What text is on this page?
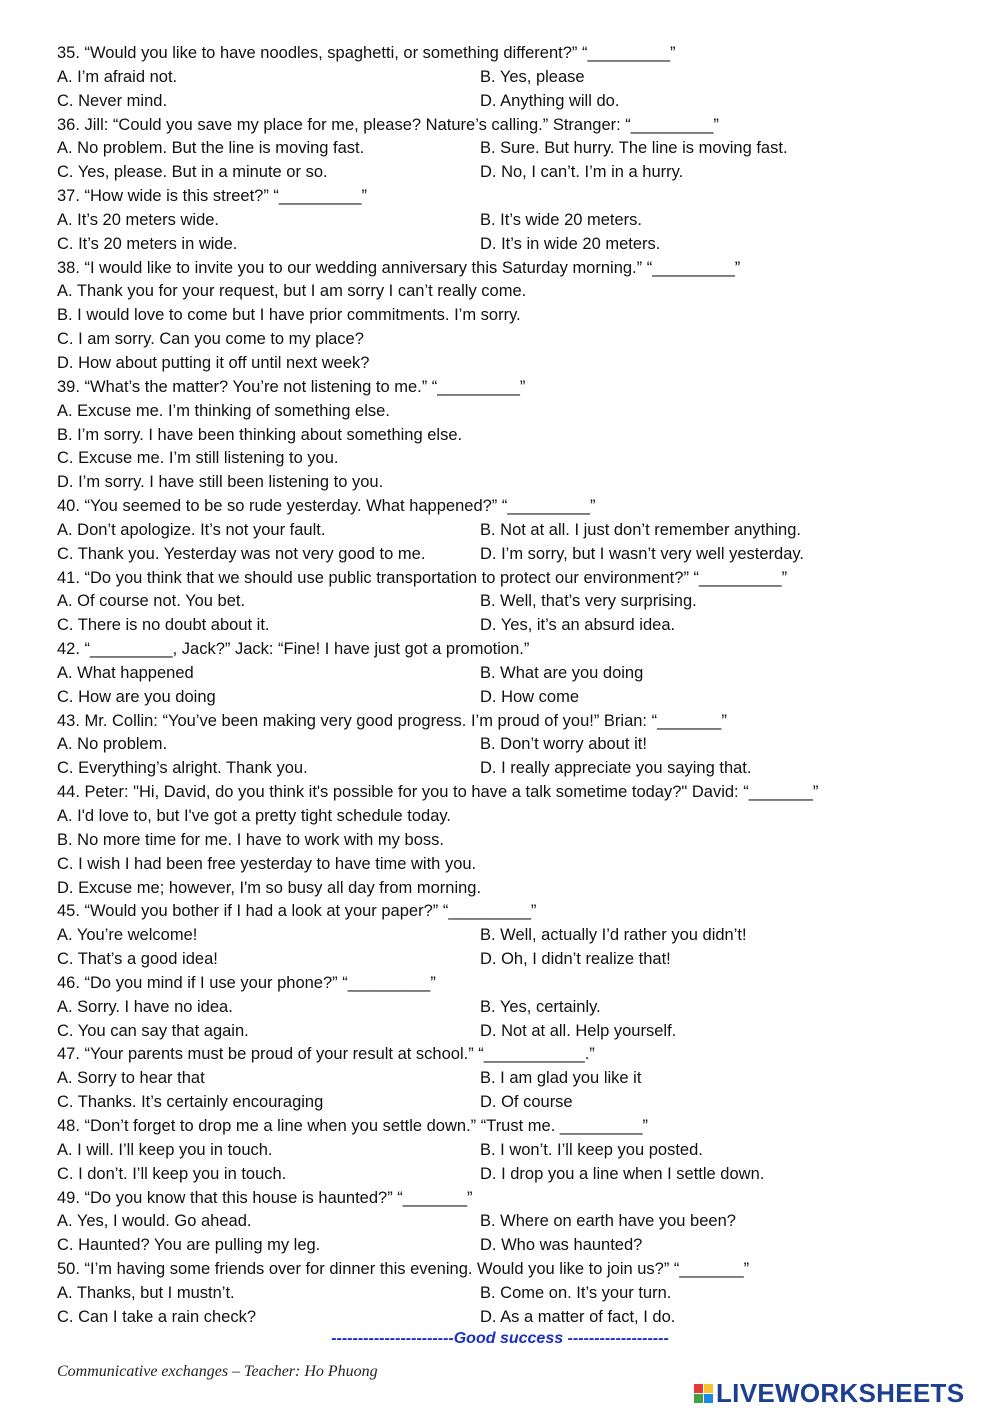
35. “Would you like to have noodles, spaghetti, or something different?” “_________”
A. I’m afraid not.	B. Yes, please
C. Never mind.	D. Anything will do.
36. Jill: “Could you save my place for me, please? Nature’s calling.” Stranger: “_________”
A. No problem. But the line is moving fast.	B. Sure. But hurry. The line is moving fast.
C. Yes, please. But in a minute or so.	D. No, I can’t. I’m in a hurry.
37. “How wide is this street?” “_________”
A. It’s 20 meters wide.	B. It’s wide 20 meters.
C. It’s 20 meters in wide.	D. It’s in wide 20 meters.
38. “I would like to invite you to our wedding anniversary this Saturday morning.” “_________”
A. Thank you for your request, but I am sorry I can’t really come.
B. I would love to come but I have prior commitments. I’m sorry.
C. I am sorry. Can you come to my place?
D. How about putting it off until next week?
39. “What’s the matter? You’re not listening to me.” “_________”
A. Excuse me. I’m thinking of something else.
B. I’m sorry. I have been thinking about something else.
C. Excuse me. I’m still listening to you.
D. I’m sorry. I have still been listening to you.
40. “You seemed to be so rude yesterday. What happened?” “_________”
A. Don’t apologize. It’s not your fault.	B. Not at all. I just don’t remember anything.
C. Thank you. Yesterday was not very good to me.	D. I’m sorry, but I wasn’t very well yesterday.
41. “Do you think that we should use public transportation to protect our environment?” “_________”
A. Of course not. You bet.	B. Well, that’s very surprising.
C. There is no doubt about it.	D. Yes, it’s an absurd idea.
42. “_________, Jack?” Jack: “Fine! I have just got a promotion.”
A. What happened	B. What are you doing
C. How are you doing	D. How come
43. Mr. Collin: “You’ve been making very good progress. I’m proud of you!” Brian: “_______”
A. No problem.	B. Don’t worry about it!
C. Everything’s alright. Thank you.	D. I really appreciate you saying that.
44. Peter: "Hi, David, do you think it's possible for you to have a talk sometime today?" David: “_______”
A. I'd love to, but I've got a pretty tight schedule today.
B. No more time for me. I have to work with my boss.
C. I wish I had been free yesterday to have time with you.
D. Excuse me; however, I'm so busy all day from morning.
45. “Would you bother if I had a look at your paper?” “_________”
A. You’re welcome!	B. Well, actually I’d rather you didn’t!
C. That’s a good idea!	D. Oh, I didn’t realize that!
46. “Do you mind if I use your phone?” “_________”
A. Sorry. I have no idea.	B. Yes, certainly.
C. You can say that again.	D. Not at all. Help yourself.
47. “Your parents must be proud of your result at school.” “___________.”
A. Sorry to hear that	B. I am glad you like it
C. Thanks. It’s certainly encouraging	D. Of course
48. “Don’t forget to drop me a line when you settle down.” “Trust me. _________”
A. I will. I’ll keep you in touch.	B. I won’t. I’ll keep you posted.
C. I don’t. I’ll keep you in touch.	D. I drop you a line when I settle down.
49. “Do you know that this house is haunted?” “_______”
A. Yes, I would. Go ahead.	B. Where on earth have you been?
C. Haunted? You are pulling my leg.	D. Who was haunted?
50. “I’m having some friends over for dinner this evening. Would you like to join us?” “_______”
A. Thanks, but I mustn’t.	B. Come on. It’s your turn.
C. Can I take a rain check?	D. As a matter of fact, I do.
-----------------------Good success -------------------
Communicative exchanges – Teacher: Ho Phuong
LIVEWORKSHEETS
